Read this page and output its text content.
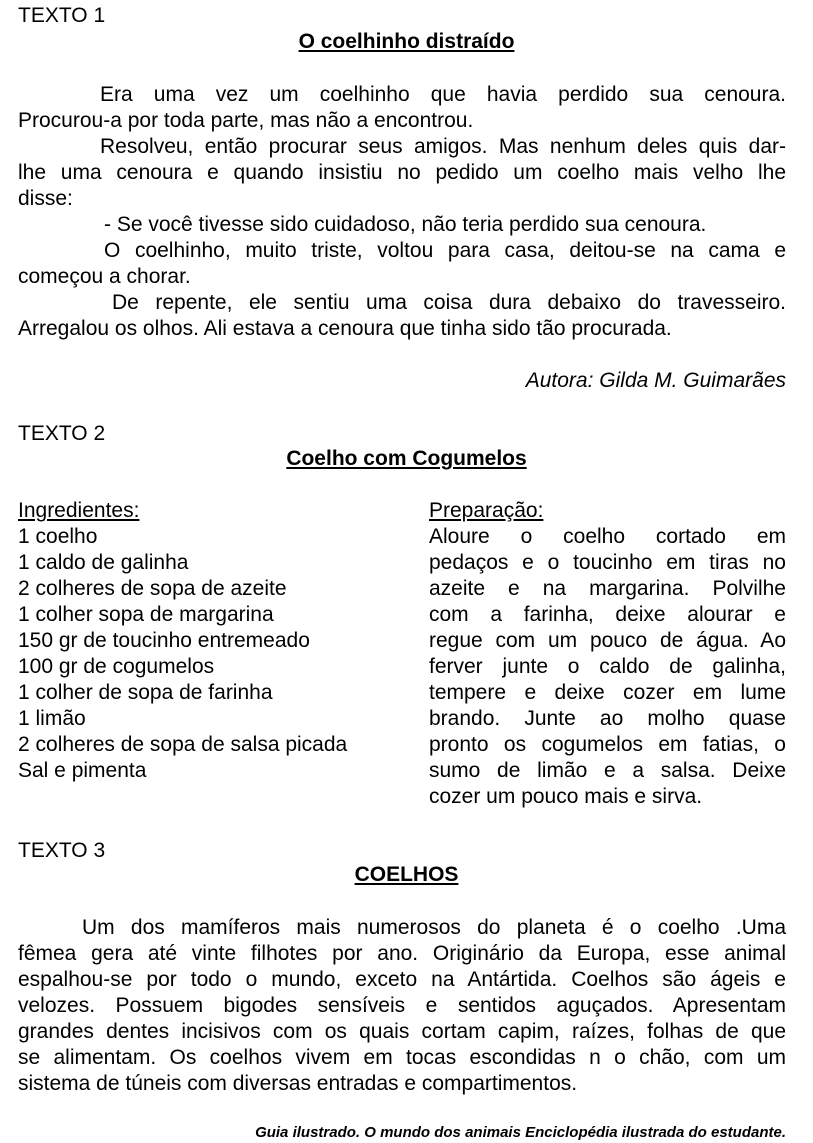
TEXTO 1
O coelhinho distraído
Era uma vez um coelhinho que havia perdido sua cenoura.
Procurou-a por toda parte, mas não a encontrou.
Resolveu, então procurar seus amigos. Mas nenhum deles quis dar-
lhe uma cenoura e quando insistiu no pedido um coelho mais velho lhe
disse:
- Se você tivesse sido cuidadoso, não teria perdido sua cenoura.
O coelhinho, muito triste, voltou para casa, deitou-se na cama e
começou a chorar.
De repente, ele sentiu uma coisa dura debaixo do travesseiro.
Arregalou os olhos. Ali estava a cenoura que tinha sido tão procurada.
Autora: Gilda M. Guimarães
TEXTO 2
Coelho com Cogumelos
Ingredientes:
1 coelho
1 caldo de galinha
2 colheres de sopa de azeite
1 colher sopa de margarina
150 gr de toucinho entremeado
100 gr de cogumelos
1 colher de sopa de farinha
1 limão
2 colheres de sopa de salsa picada
Sal e pimenta
Preparação:
Aloure o coelho cortado em
pedaços e o toucinho em tiras no
azeite e na margarina. Polvilhe
com a farinha, deixe alourar e
regue com um pouco de água. Ao
ferver junte o caldo de galinha,
tempere e deixe cozer em lume
brando. Junte ao molho quase
pronto os cogumelos em fatias, o
sumo de limão e a salsa. Deixe
cozer um pouco mais e sirva.
TEXTO 3
COELHOS
Um dos mamíferos mais numerosos do planeta é o coelho .Uma
fêmea gera até vinte filhotes por ano. Originário da Europa, esse animal
espalhou-se por todo o mundo, exceto na Antártida. Coelhos são ágeis e
velozes. Possuem bigodes sensíveis e sentidos aguçados. Apresentam
grandes dentes incisivos com os quais cortam capim, raízes, folhas de que
se alimentam. Os coelhos vivem em tocas escondidas n o chão, com um
sistema de túneis com diversas entradas e compartimentos.
Guia ilustrado. O mundo dos animais Enciclopédia ilustrada do estudante.
